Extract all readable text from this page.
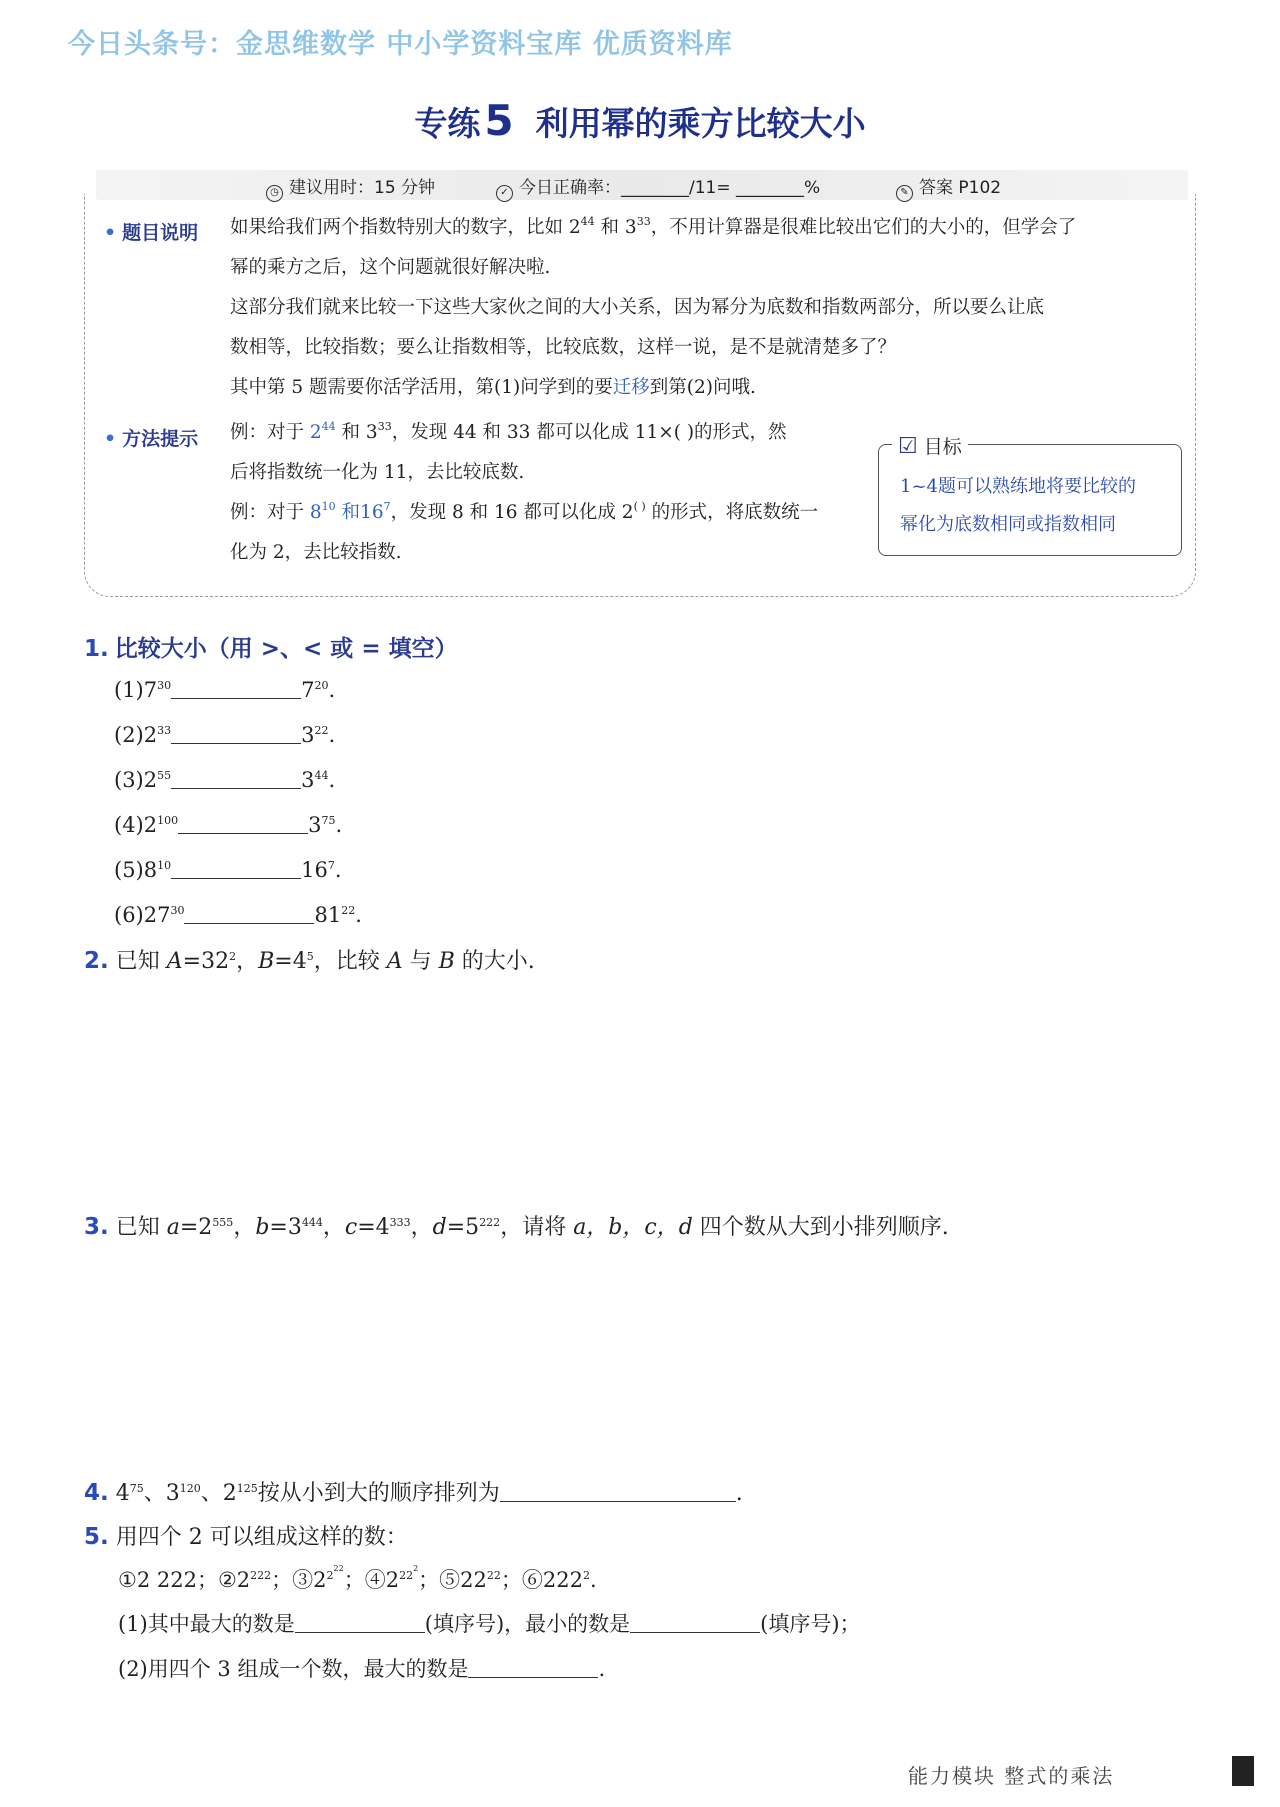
今日头条号：金思维数学 中小学资料宝库 优质资料库
专练5 利用幂的乘方比较大小
◷ 建议用时：15 分钟	✓ 今日正确率：________/11= ________%	✎ 答案 P102
• 题目说明 如果给我们两个指数特别大的数字，比如 $2^{44}$ 和 $3^{33}$，不用计算器是很难比较出它们的大小的，但学会了
幂的乘方之后，这个问题就很好解决啦.
这部分我们就来比较一下这些大家伙之间的大小关系，因为幂分为底数和指数两部分，所以要么让底
数相等，比较指数；要么让指数相等，比较底数，这样一说，是不是就清楚多了？
其中第 5 题需要你活学活用，第(1)问学到的要迁移到第(2)问哦.
• 方法提示 例：对于 $2^{44}$ 和 $3^{33}$，发现 44 和 33 都可以化成 11×( )的形式，然
后将指数统一化为 11，去比较底数.
例：对于 $8^{10}$ 和$16^7$，发现 8 和 16 都可以化成 2( ) 的形式，将底数统一
化为 2，去比较指数.
☑ 目标
1~4题可以熟练地将要比较的
幂化为底数相同或指数相同
1. 比较大小（用 >、< 或 = 填空）
$(1)7^{30}$	$7^{20}$.
$(2)2^{33}$	$3^{22}$.
$(3)2^{55}$	$3^{44}$.
$(4)2^{100}$	$3^{75}$.
$(5)8^{10}$	$16^7$.
$(6)27^{30}$	$81^{22}$.
2. 已知 $A=32^2$，$B=4^5$，比较 A 与 B 的大小.
3. 已知 $a=2^{555}$，$b=3^{444}$，$c=4^{333}$，$d=5^{222}$，请将 a，b，c，d 四个数从大到小排列顺序.
4. $4^{75}$、$3^{120}$、$2^{125}$按从小到大的顺序排列为	.
5. 用四个 2 可以组成这样的数：
①2 222；$②2^{222}$；$③2^{2^{22}}$；$④2^{22^2}$；$⑤22^{22}$；$⑥222^2$.
(1)其中最大的数是	(填序号)，最小的数是	(填序号)；
(2)用四个 3 组成一个数，最大的数是	.
能力模块 整式的乘法
